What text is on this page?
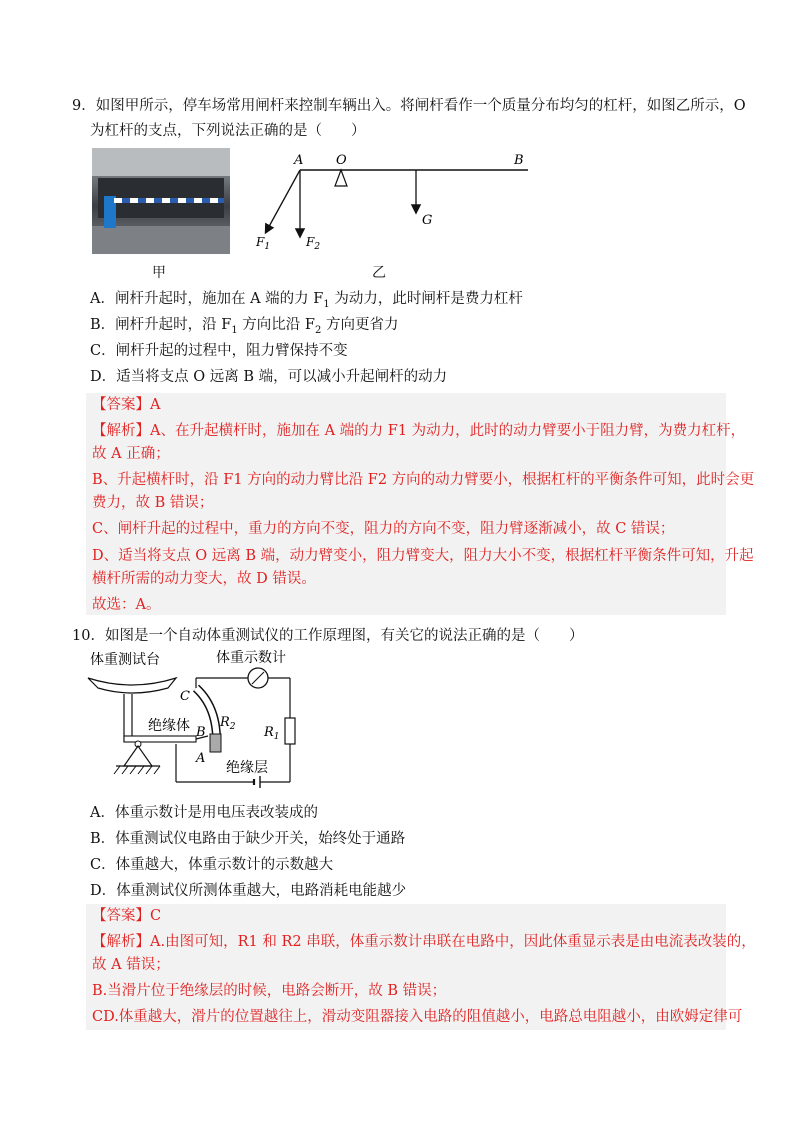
9．如图甲所示，停车场常用闸杆来控制车辆出入。将闸杆看作一个质量分布均匀的杠杆，如图乙所示，O
为杠杆的支点，下列说法正确的是（　　）
甲
A	O	B
G
$F_1$	$F_2$
乙
A．闸杆升起时，施加在 A 端的力 $F_1$ 为动力，此时闸杆是费力杠杆
B．闸杆升起时，沿 $F_1$ 方向比沿 $F_2$ 方向更省力
C．闸杆升起的过程中，阻力臂保持不变
D．适当将支点 O 远离 B 端，可以减小升起闸杆的动力
【答案】A
【解析】A、在升起横杆时，施加在 A 端的力 F1 为动力，此时的动力臂要小于阻力臂，为费力杠杆，
故 A 正确；
B、升起横杆时，沿 F1 方向的动力臂比沿 F2 方向的动力臂要小，根据杠杆的平衡条件可知，此时会更
费力，故 B 错误；
C、闸杆升起的过程中，重力的方向不变，阻力的方向不变，阻力臂逐渐减小，故 C 错误；
D、适当将支点 O 远离 B 端，动力臂变小，阻力臂变大，阻力大小不变，根据杠杆平衡条件可知，升起
横杆所需的动力变大，故 D 错误。
故选：A。
10．如图是一个自动体重测试仪的工作原理图，有关它的说法正确的是（　　）
体重测试台	体重示数计
绝缘体
C
B
A
$R_2$
绝缘层
$R_1$
A．体重示数计是用电压表改装成的
B．体重测试仪电路由于缺少开关，始终处于通路
C．体重越大，体重示数计的示数越大
D．体重测试仪所测体重越大，电路消耗电能越少
【答案】C
【解析】A.由图可知，R1 和 R2 串联，体重示数计串联在电路中，因此体重显示表是由电流表改装的，
故 A 错误；
B.当滑片位于绝缘层的时候，电路会断开，故 B 错误；
CD.体重越大，滑片的位置越往上，滑动变阻器接入电路的阻值越小，电路总电阻越小，由欧姆定律可
